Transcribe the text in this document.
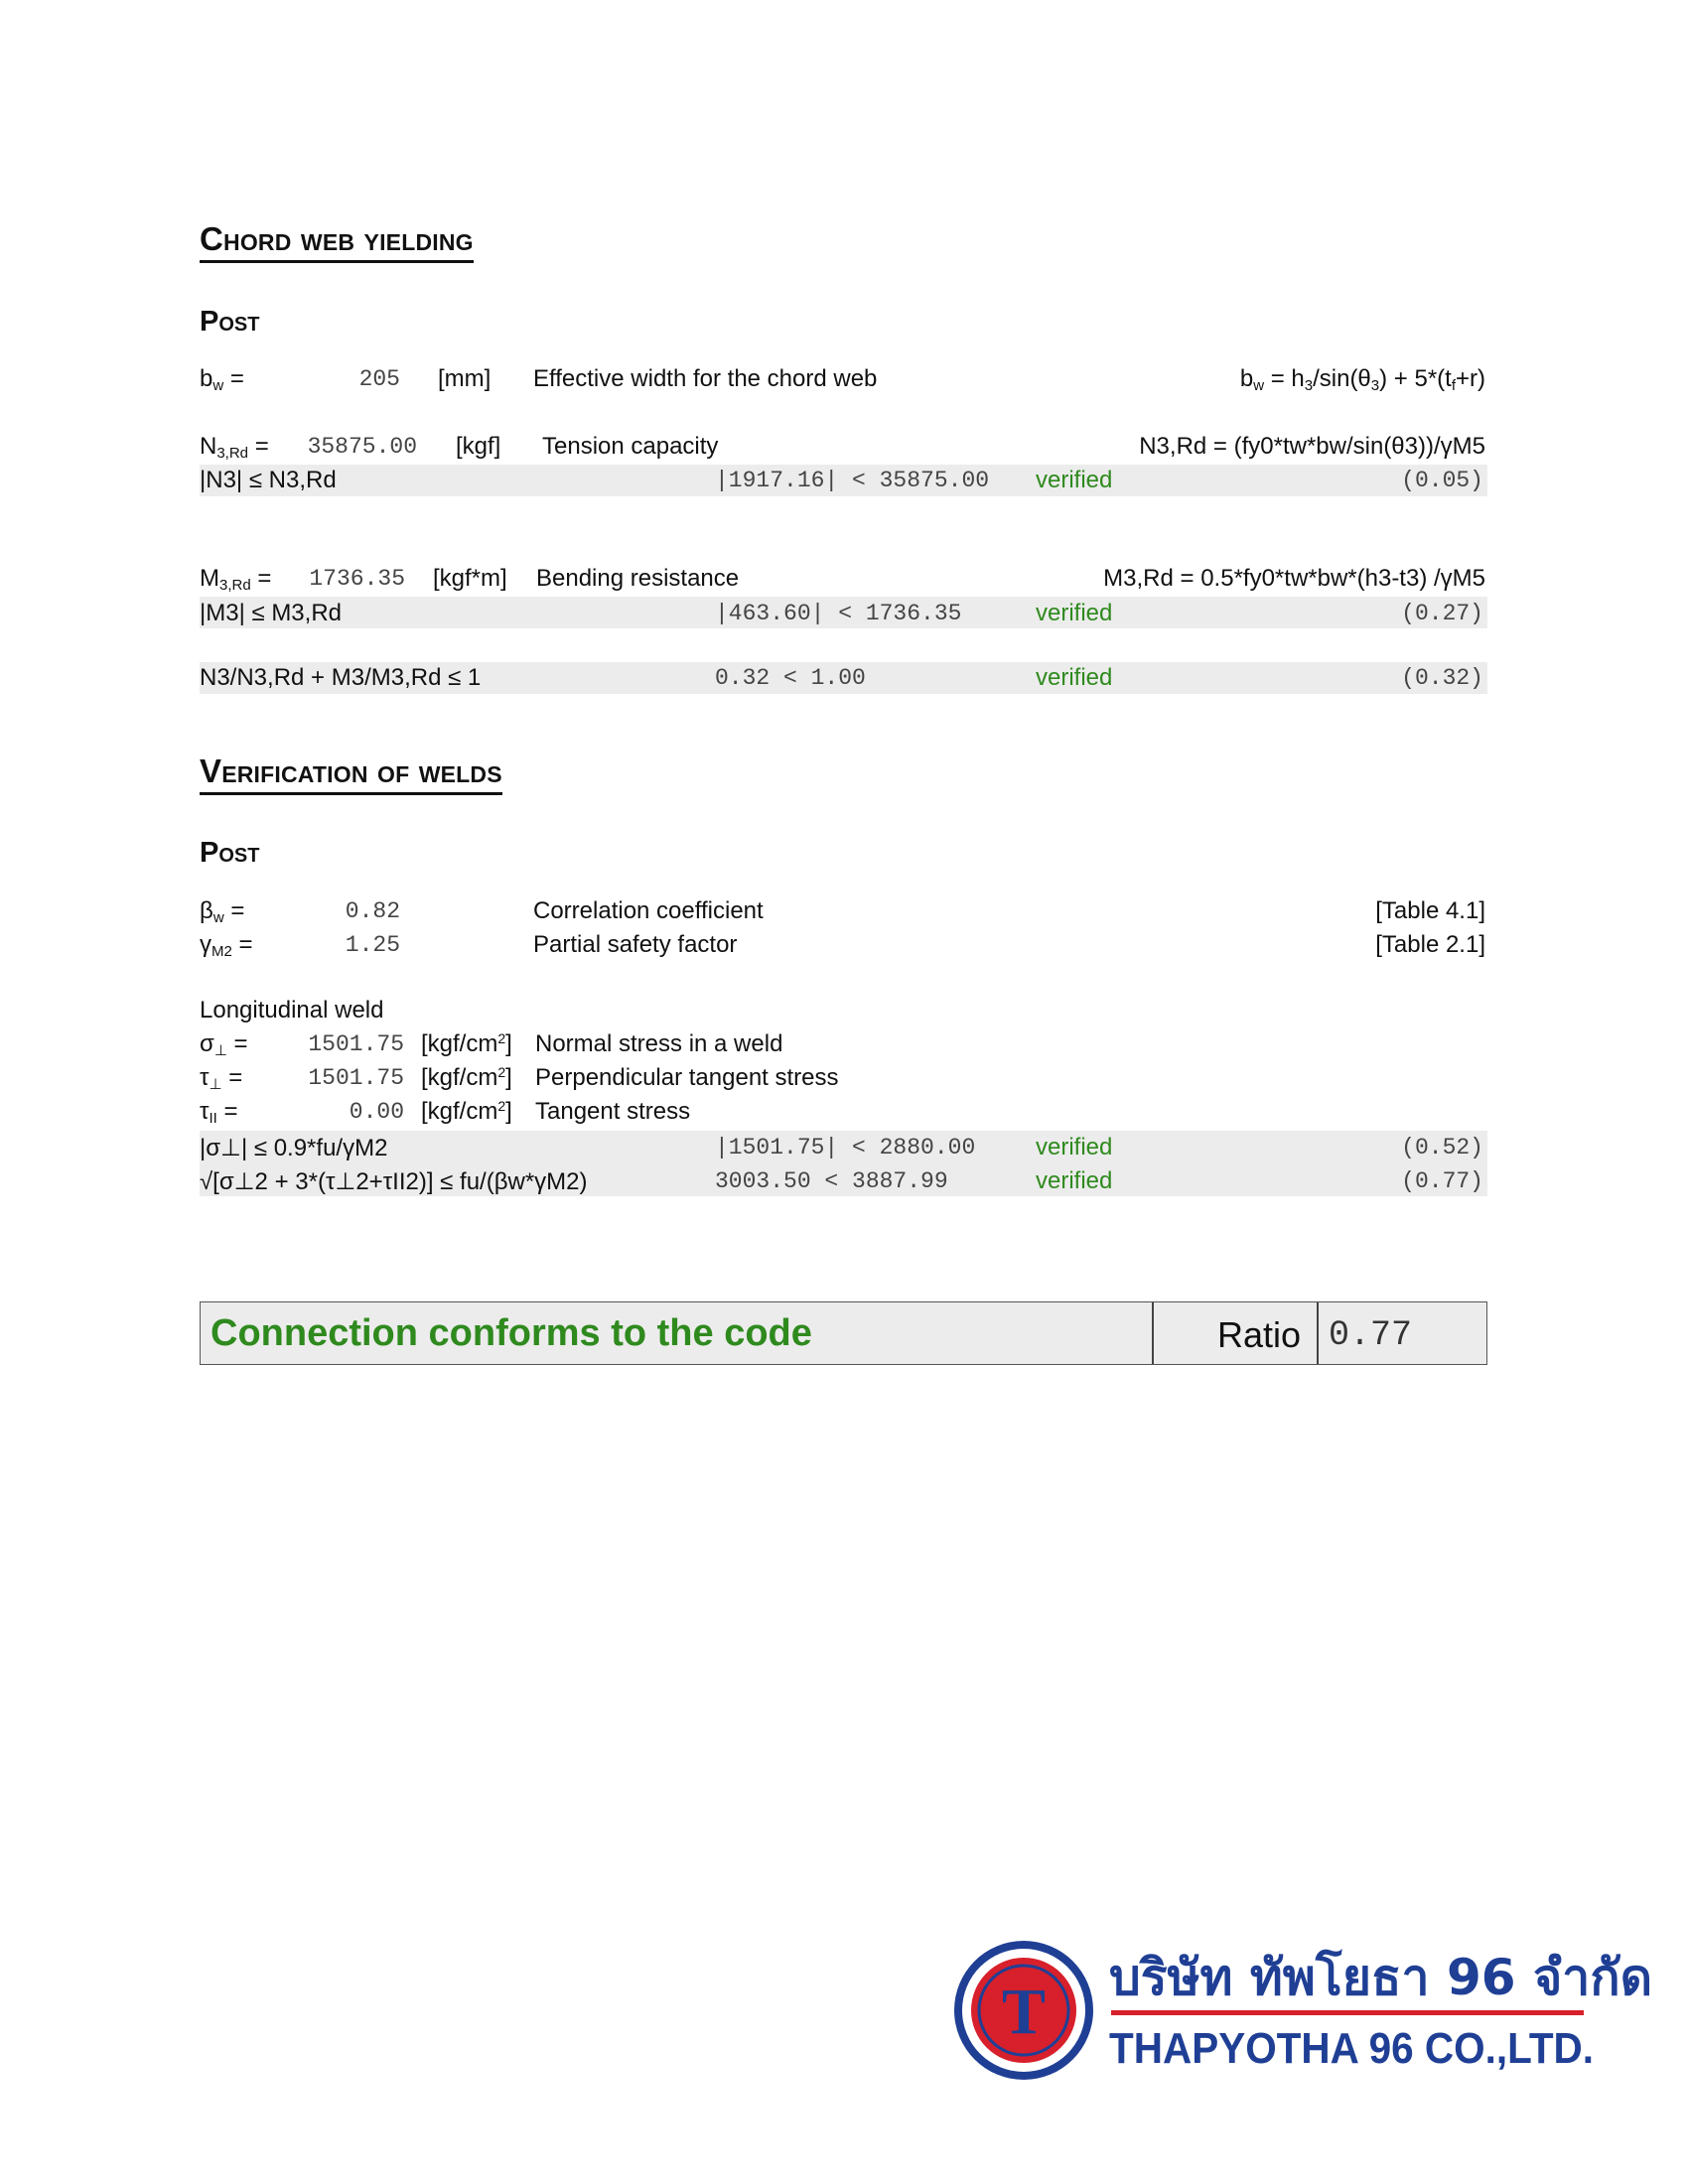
Chord web yielding
Post
$b_w$ =	205 [mm] Effective width for the chord web	$b_w = h_3/\sin(\theta_3) + 5*(t_f+r)$
$N_{3,Rd}$ =	35875.00 [kgf] Tension capacity	N3,Rd = (fy0*tw*bw/sin(θ3))/γM5
|N3| ≤ N3,Rd	|1917.16| < 35875.00 verified	(0.05)
$M_{3,Rd}$ =	1736.35 [kgf*m] Bending resistance	M3,Rd = 0.5*fy0*tw*bw*(h3-t3) /γM5
|M3| ≤ M3,Rd	|463.60| < 1736.35	verified	(0.27)
N3/N3,Rd + M3/M3,Rd ≤ 1	0.32 < 1.00	verified	(0.32)
Verification of welds
Post
$\beta_w$ =	0.82	Correlation coefficient	[Table 4.1]
$\gamma_{M2}$ =	1.25	Partial safety factor	[Table 2.1]
Longitudinal weld
$\sigma_\perp$ =	1501.75 $[kgf/cm^2]$ Normal stress in a weld
$\tau_\perp$ =	1501.75 $[kgf/cm^2]$ Perpendicular tangent stress
$\tau_{II}$ =	0.00 $[kgf/cm^2]$ Tangent stress
|σ⊥| ≤ 0.9*fu/γM2	|1501.75| < 2880.00	verified	(0.52)
√[σ⊥2 + 3*(τ⊥2+τII2)] ≤ fu/(βw*γM2)	3003.50 < 3887.99	verified	(0.77)
Connection conforms to the code	Ratio 0.77
T บริษัท ทัพโยธา 96 จำกัด
THAPYOTHA 96 CO.,LTD.
